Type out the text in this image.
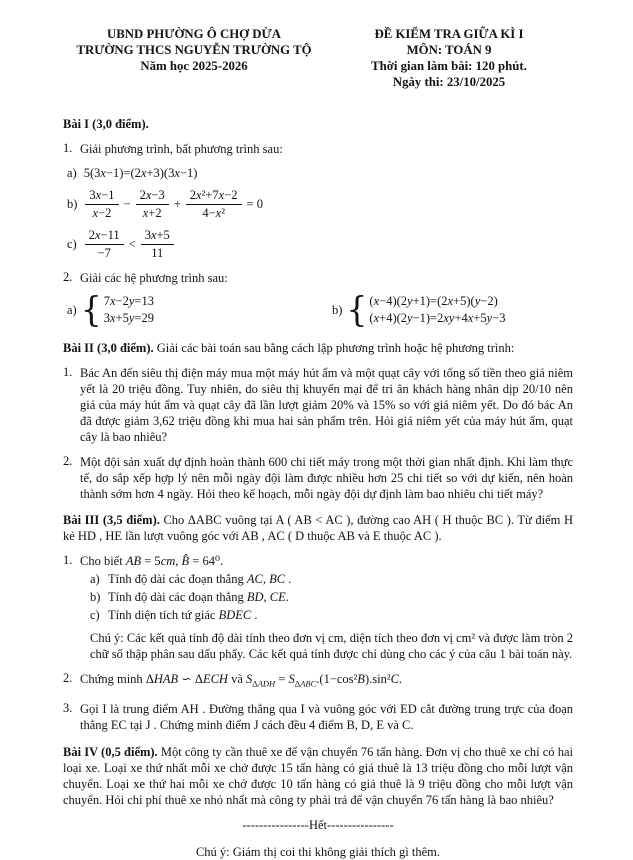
UBND PHƯỜNG Ô CHỢ DỪA
TRƯỜNG THCS NGUYỄN TRƯỜNG TỘ
Năm học 2025-2026
ĐỀ KIỂM TRA GIỮA KÌ I
MÔN: TOÁN 9
Thời gian làm bài: 120 phút.
Ngày thi: 23/10/2025
Bài I (3,0 điểm).
1. Giải phương trình, bất phương trình sau:
a) 5(3x−1)=(2x+3)(3x−1)
$b) \frac{3x-1}{x-2} - \frac{2x-3}{x+2} + \frac{\text{2x²+7x−2}}{\text{4−x²}} = 0$
$c) \frac{2x-11}{-7} < \frac{3x+5}{11}$
2. Giải các hệ phương trình sau:
a) { 7x−2y=13
3x+5y=29
b) { (x−4)(2y+1)=(2x+5)(y−2)
(x+4)(2y−1)=2xy+4x+5y−3
Bài II (3,0 điểm). Giải các bài toán sau bằng cách lập phương trình hoặc hệ phương trình:
1. Bác An đến siêu thị điện máy mua một máy hút ẩm và một quạt cây với tổng số tiền theo giá niêm yết là 20 triệu đồng. Tuy nhiên, do siêu thị khuyến mại để tri ân khách hàng nhân dịp 20/10 nên giá của máy hút ẩm và quạt cây đã lần lượt giảm 20% và 15% so với giá niêm yết. Do đó bác An đã được giảm 3,62 triệu đồng khi mua hai sản phẩm trên. Hỏi giá niêm yết của máy hút ẩm, quạt cây là bao nhiêu?
2. Một đội sản xuất dự định hoàn thành 600 chi tiết máy trong một thời gian nhất định. Khi làm thực tế, do sắp xếp hợp lý nên mỗi ngày đội làm được nhiều hơn 25 chi tiết so với dự kiến, nên hoàn thành sớm hơn 4 ngày. Hỏi theo kế hoạch, mỗi ngày đội dự định làm bao nhiêu chi tiết máy?
Bài III (3,5 điểm). Cho ΔABC vuông tại A ( AB < AC ), đường cao AH ( H thuộc BC ). Từ điểm H kẻ HD , HE lần lượt vuông góc với AB , AC ( D thuộc AB và E thuộc AC ).
1. Cho biết AB = 5cm, B̂ = 64⁰.
a) Tính độ dài các đoạn thẳng AC, BC .
b) Tính độ dài các đoạn thẳng BD, CE.
c) Tính diện tích tứ giác BDEC .
Chú ý: Các kết quả tính độ dài tính theo đơn vị cm, diện tích theo đơn vị cm² và được làm tròn 2 chữ số thập phân sau dấu phẩy. Các kết quả tính được chỉ dùng cho các ý của câu 1 bài toán này.
2. Chứng minh ΔHAB ∽ ΔECH và $S_{\Delta ADH} = S_{\Delta ABC}.(1-\cos^2B).\sin^2C$.
3. Gọi I là trung điểm AH . Đường thẳng qua I và vuông góc với ED cắt đường trung trực của đoạn thẳng EC tại J . Chứng minh điểm J cách đều 4 điểm B, D, E và C.
Bài IV (0,5 điểm). Một công ty cần thuê xe để vận chuyển 76 tấn hàng. Đơn vị cho thuê xe chỉ có hai loại xe. Loại xe thứ nhất mỗi xe chở được 15 tấn hàng có giá thuê là 13 triệu đồng cho mỗi lượt vận chuyển. Loại xe thứ hai mỗi xe chở được 10 tấn hàng có giá thuê là 9 triệu đồng cho mỗi lượt vận chuyển. Hỏi chi phí thuê xe nhỏ nhất mà công ty phải trả để vận chuyển 76 tấn hàng là bao nhiêu?
----------------Hết----------------
Chú ý: Giám thị coi thi không giải thích gì thêm.
